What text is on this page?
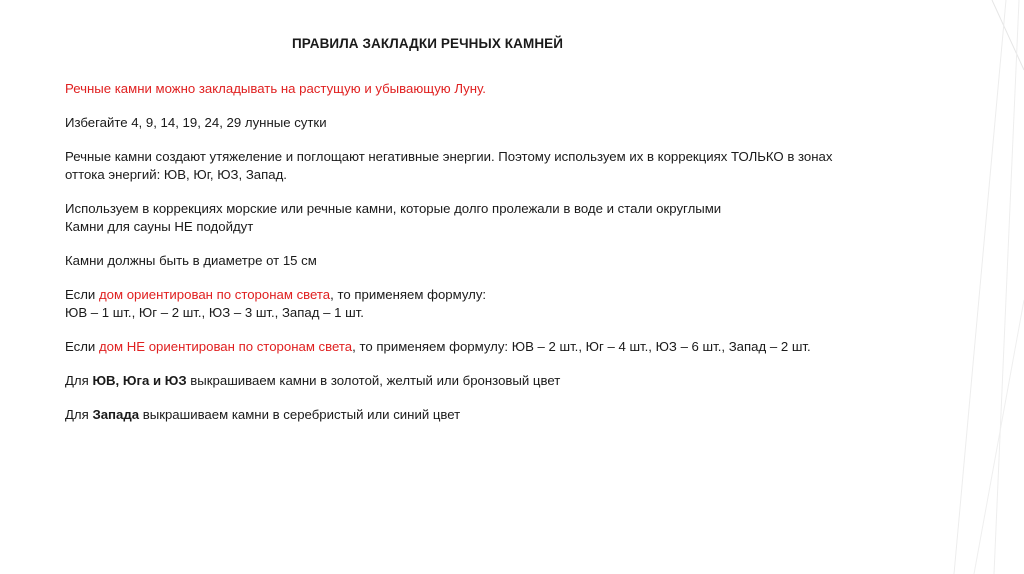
ПРАВИЛА ЗАКЛАДКИ РЕЧНЫХ КАМНЕЙ

Речные камни можно закладывать на растущую и убывающую Луну.

Избегайте 4, 9, 14, 19, 24, 29 лунные сутки

Речные камни создают утяжеление и поглощают негативные энергии. Поэтому используем их в коррекциях ТОЛЬКО в зонах
оттока энергий: ЮВ, Юг, ЮЗ, Запад.

Используем в коррекциях морские или речные камни, которые долго пролежали в воде и стали округлыми
Камни для сауны НЕ подойдут

Камни должны быть в диаметре от 15 см

Если дом ориентирован по сторонам света, то применяем формулу:
ЮВ – 1 шт., Юг – 2 шт., ЮЗ – 3 шт., Запад – 1 шт.

Если дом НЕ ориентирован по сторонам света, то применяем формулу: ЮВ – 2 шт., Юг – 4 шт., ЮЗ – 6 шт., Запад – 2 шт.

Для ЮВ, Юга и ЮЗ выкрашиваем камни в золотой, желтый или бронзовый цвет

Для Запада выкрашиваем камни в серебристый или синий цвет
